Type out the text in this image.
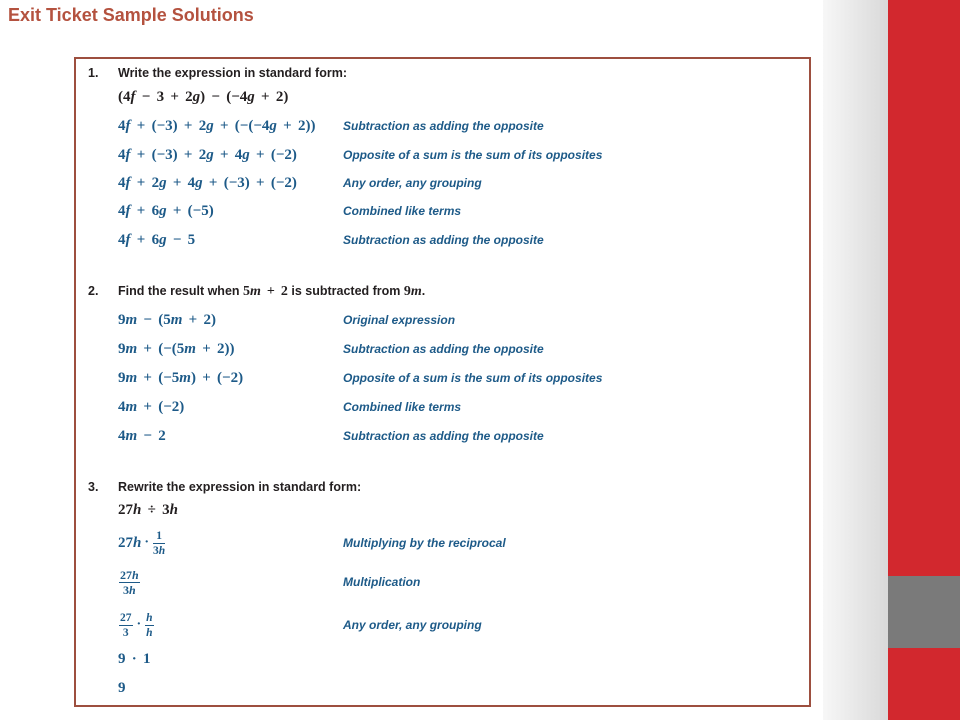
Exit Ticket Sample Solutions
1. Write the expression in standard form:
(4f − 3 + 2g) − (−4g + 2)
4f + (−3) + 2g + (−(−4g + 2))	Subtraction as adding the opposite
4f + (−3) + 2g + 4g + (−2)	Opposite of a sum is the sum of its opposites
4f + 2g + 4g + (−3) + (−2)	Any order, any grouping
4f + 6g + (−5)	Combined like terms
4f + 6g − 5	Subtraction as adding the opposite
2. Find the result when 5m + 2 is subtracted from 9m.
9m − (5m + 2)	Original expression
9m + (−(5m + 2))	Subtraction as adding the opposite
9m + (−5m) + (−2)	Opposite of a sum is the sum of its opposites
4m + (−2)	Combined like terms
4m − 2	Subtraction as adding the opposite
3. Rewrite the expression in standard form:
27h ÷ 3h
$27h \cdot \frac{1}{3h}$	Multiplying by the reciprocal
$\frac{27h}{3h}$	Multiplication
$\frac{27}{3} \cdot \frac{h}{h}$	Any order, any grouping
9 · 1
9
